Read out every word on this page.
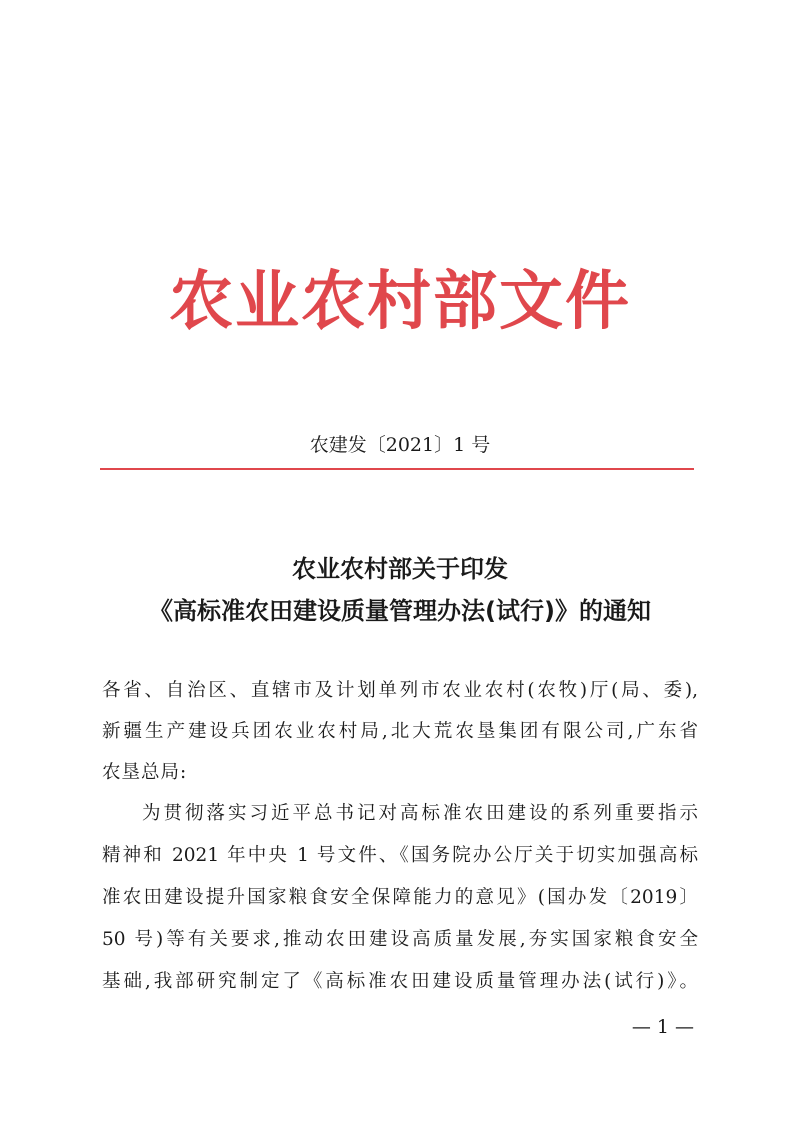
农业农村部文件
农建发〔2021〕1 号
农业农村部关于印发
《高标准农田建设质量管理办法(试行)》的通知
各省、自治区、直辖市及计划单列市农业农村(农牧)厅(局、委),
新疆生产建设兵团农业农村局,北大荒农垦集团有限公司,广东省
农垦总局:
为贯彻落实习近平总书记对高标准农田建设的系列重要指示
精神和 2021 年中央 1 号文件、《国务院办公厅关于切实加强高标
准农田建设提升国家粮食安全保障能力的意见》(国办发〔2019〕
50 号)等有关要求,推动农田建设高质量发展,夯实国家粮食安全
基础,我部研究制定了《高标准农田建设质量管理办法(试行)》。
— 1 —
